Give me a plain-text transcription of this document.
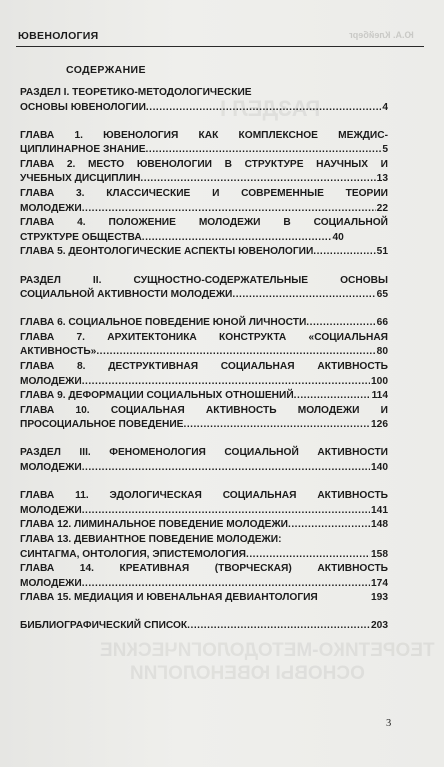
РАЗДЕЛ I
ТЕОРЕТИКО-МЕТОДОЛОГИЧЕСКИЕ
ОСНОВЫ ЮВЕНОЛОГИИ
ЮВЕНОЛОГИЯ	Ю.А. Клейберг
СОДЕРЖАНИЕ
РАЗДЕЛ I. ТЕОРЕТИКО-МЕТОДОЛОГИЧЕСКИЕ
ОСНОВЫ ЮВЕНОЛОГИИ .....	4
ГЛАВА 1. ЮВЕНОЛОГИЯ КАК КОМПЛЕКСНОЕ МЕЖДИС-
ЦИПЛИНАРНОЕ ЗНАНИЕ .....	5
ГЛАВА 2. МЕСТО ЮВЕНОЛОГИИ В СТРУКТУРЕ НАУЧНЫХ И
УЧЕБНЫХ ДИСЦИПЛИН .....	13
ГЛАВА 3. КЛАССИЧЕСКИЕ И СОВРЕМЕННЫЕ ТЕОРИИ
МОЛОДЕЖИ .....	22
ГЛАВА 4. ПОЛОЖЕНИЕ МОЛОДЕЖИ В СОЦИАЛЬНОЙ
СТРУКТУРЕ ОБЩЕСТВА .....	40
ГЛАВА 5. ДЕОНТОЛОГИЧЕСКИЕ АСПЕКТЫ ЮВЕНОЛОГИИ .....	51
РАЗДЕЛ II. СУЩНОСТНО-СОДЕРЖАТЕЛЬНЫЕ ОСНОВЫ
СОЦИАЛЬНОЙ АКТИВНОСТИ МОЛОДЕЖИ .....	65
ГЛАВА 6. СОЦИАЛЬНОЕ ПОВЕДЕНИЕ ЮНОЙ ЛИЧНОСТИ .....	66
ГЛАВА 7. АРХИТЕКТОНИКА КОНСТРУКТА «СОЦИАЛЬНАЯ
АКТИВНОСТЬ» .....	80
ГЛАВА 8. ДЕСТРУКТИВНАЯ СОЦИАЛЬНАЯ АКТИВНОСТЬ
МОЛОДЕЖИ .....	100
ГЛАВА 9. ДЕФОРМАЦИИ СОЦИАЛЬНЫХ ОТНОШЕНИЙ .....	114
ГЛАВА 10. СОЦИАЛЬНАЯ АКТИВНОСТЬ МОЛОДЕЖИ И
ПРОСОЦИАЛЬНОЕ ПОВЕДЕНИЕ .....	126
РАЗДЕЛ III. ФЕНОМЕНОЛОГИЯ СОЦИАЛЬНОЙ АКТИВНОСТИ
МОЛОДЕЖИ .....	140
ГЛАВА 11. ЭДОЛОГИЧЕСКАЯ СОЦИАЛЬНАЯ АКТИВНОСТЬ
МОЛОДЕЖИ .....	141
ГЛАВА 12. ЛИМИНАЛЬНОЕ ПОВЕДЕНИЕ МОЛОДЕЖИ .....	148
ГЛАВА 13. ДЕВИАНТНОЕ ПОВЕДЕНИЕ МОЛОДЕЖИ:
СИНТАГМА, ОНТОЛОГИЯ, ЭПИСТЕМОЛОГИЯ .....	158
ГЛАВА 14. КРЕАТИВНАЯ (ТВОРЧЕСКАЯ) АКТИВНОСТЬ
МОЛОДЕЖИ .....	174
ГЛАВА 15. МЕДИАЦИЯ И ЮВЕНАЛЬНАЯ ДЕВИАНТОЛОГИЯ	193
БИБЛИОГРАФИЧЕСКИЙ СПИСОК .....	203
3
